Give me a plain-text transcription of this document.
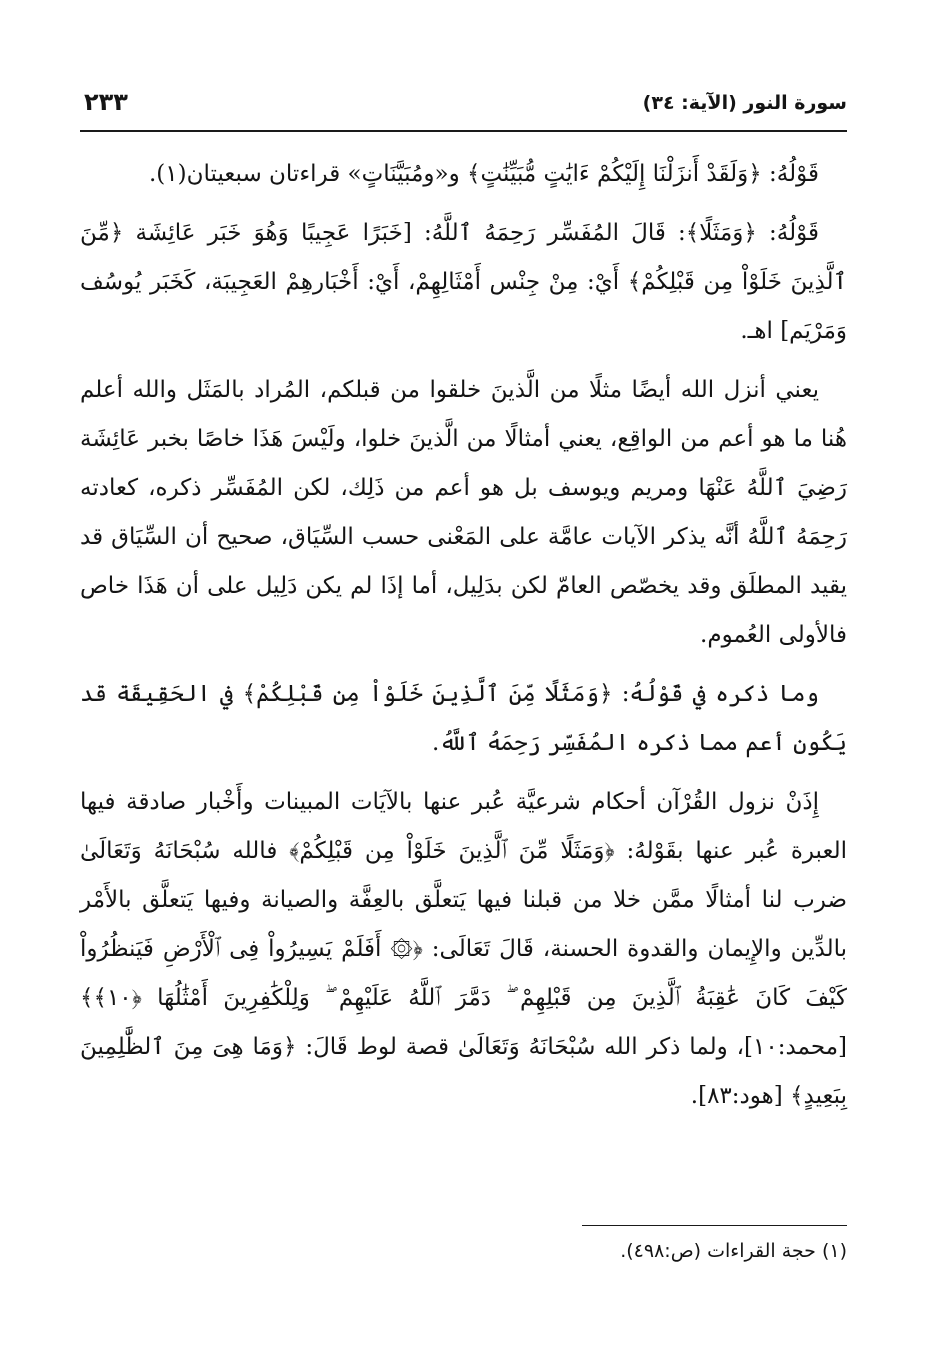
سورة النور (الآية: ٣٤)
٢٣٣

قَوْلُهُ: ﴿وَلَقَدْ أَنزَلْنَا إِلَيْكُمْ ءَايَٰتٍ مُّبَيِّنَٰتٍ﴾ و«ومُبَيَّنَاتٍ» قراءتان سبعيتان(١).

قَوْلُهُ: ﴿وَمَثَلًا﴾: قَالَ المُفَسِّر رَحِمَهُ ٱللَّهُ: [خَبَرًا عَجِيبًا وَهُوَ خَبَر عَائِشَة ﴿مِّنَ ٱلَّذِينَ خَلَوْاْ مِن قَبْلِكُمْ﴾ أَيْ: مِنْ جِنْس أَمْثَالِهِمْ، أَيْ: أَخْبَارهِمْ العَجِيبَة، كَخَبَر يُوسُف وَمَرْيَم] اهـ.

يعني أنزل الله أيضًا مثلًا من الَّذينَ خلقوا من قبلكم، المُراد بالمَثَل والله أعلم هُنا ما هو أعم من الواقِع، يعني أمثالًا من الَّذينَ خلوا، ولَيْسَ هَذَا خاصًا بخبر عَائِشَة رَضِيَ ٱللَّهُ عَنْهَا ومريم ويوسف بل هو أعم من ذَلِك، لكن المُفَسِّر ذكره، كعادته رَحِمَهُ ٱللَّهُ أنَّه يذكر الآيات عامَّة على المَعْنى حسب السِّيَاق، صحيح أن السِّيَاق قد يقيد المطلَق وقد يخصّص العامّ لكن بدَلِيل، أما إذَا لم يكن دَلِيل على أن هَذَا خاص فالأولى العُموم.

وما ذكره في قَوْلُهُ: ﴿وَمَثَلًا مِّنَ ٱلَّذِينَ خَلَوْاْ مِن قَبْلِكُمْ﴾ في الحَقِيقَة قد يَكُون أعم مما ذكره المُفَسِّر رَحِمَهُ ٱللَّهُ.

إِذَنْ نزول القُرْآن أحكام شرعيَّة عُبر عنها بالآيَات المبينات وأَخْبار صادقة فيها العبرة عُبر عنها بقَوْلهُ: ﴿وَمَثَلًا مِّنَ ٱلَّذِينَ خَلَوْاْ مِن قَبْلِكُمْ﴾ فالله سُبْحَانَهُ وَتَعَالَىٰ ضرب لنا أمثالًا ممَّن خلا من قبلنا فيها يَتعلَّق بالعِفَّة والصيانة وفيها يَتعلَّق بالأَمْر بالدِّين والإِيمان والقدوة الحسنة، قَالَ تَعَالَى: ﴿۞ أَفَلَمْ يَسِيرُواْ فِى ٱلْأَرْضِ فَيَنظُرُواْ كَيْفَ كَانَ عَٰقِبَةُ ٱلَّذِينَ مِن قَبْلِهِمْ ۖ دَمَّرَ ٱللَّهُ عَلَيْهِمْ ۖ وَلِلْكَٰفِرِينَ أَمْثَٰلُهَا ﴿١٠﴾﴾ [محمد:١٠]، ولما ذكر الله سُبْحَانَهُ وَتَعَالَىٰ قصة لوط قَالَ: ﴿وَمَا هِىَ مِنَ ٱلظَّٰلِمِينَ بِبَعِيدٍ﴾ [هود:٨٣].

(١) حجة القراءات (ص:٤٩٨).
